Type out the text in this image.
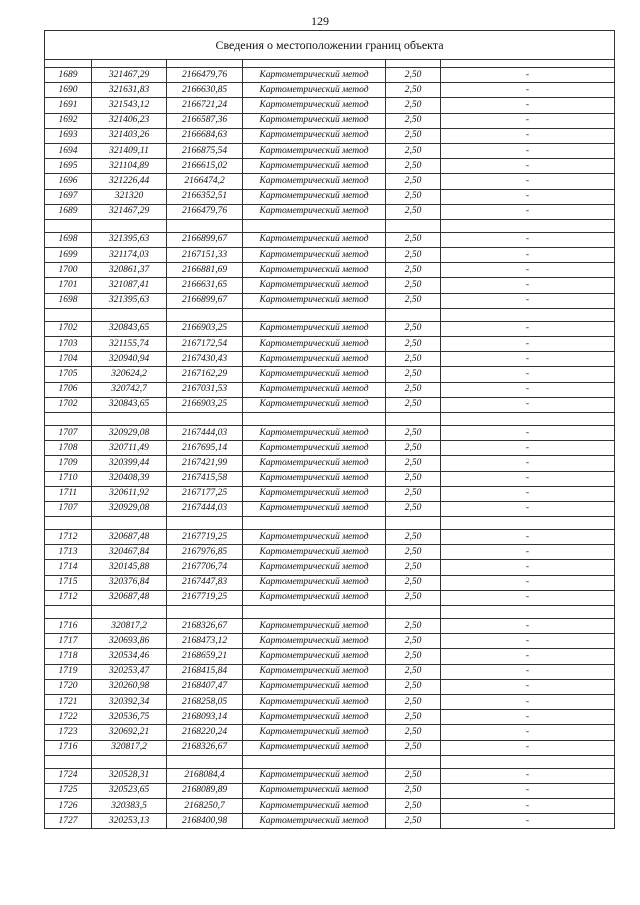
129
Сведения о местоположении границ объекта					

1689	321467,29	2166479,76	Картометрический метод	2,50	-
1690	321631,83	2166630,85	Картометрический метод	2,50	-
1691	321543,12	2166721,24	Картометрический метод	2,50	-
1692	321406,23	2166587,36	Картометрический метод	2,50	-
1693	321403,26	2166684,63	Картометрический метод	2,50	-
1694	321409,11	2166875,54	Картометрический метод	2,50	-
1695	321104,89	2166615,02	Картометрический метод	2,50	-
1696	321226,44	2166474,2	Картометрический метод	2,50	-
1697	321320	2166352,51	Картометрический метод	2,50	-
1689	321467,29	2166479,76	Картометрический метод	2,50	-

1698	321395,63	2166899,67	Картометрический метод	2,50	-
1699	321174,03	2167151,33	Картометрический метод	2,50	-
1700	320861,37	2166881,69	Картометрический метод	2,50	-
1701	321087,41	2166631,65	Картометрический метод	2,50	-
1698	321395,63	2166899,67	Картометрический метод	2,50	-

1702	320843,65	2166903,25	Картометрический метод	2,50	-
1703	321155,74	2167172,54	Картометрический метод	2,50	-
1704	320940,94	2167430,43	Картометрический метод	2,50	-
1705	320624,2	2167162,29	Картометрический метод	2,50	-
1706	320742,7	2167031,53	Картометрический метод	2,50	-
1702	320843,65	2166903,25	Картометрический метод	2,50	-

1707	320929,08	2167444,03	Картометрический метод	2,50	-
1708	320711,49	2167695,14	Картометрический метод	2,50	-
1709	320399,44	2167421,99	Картометрический метод	2,50	-
1710	320408,39	2167415,58	Картометрический метод	2,50	-
1711	320611,92	2167177,25	Картометрический метод	2,50	-
1707	320929,08	2167444,03	Картометрический метод	2,50	-

1712	320687,48	2167719,25	Картометрический метод	2,50	-
1713	320467,84	2167976,85	Картометрический метод	2,50	-
1714	320145,88	2167706,74	Картометрический метод	2,50	-
1715	320376,84	2167447,83	Картометрический метод	2,50	-
1712	320687,48	2167719,25	Картометрический метод	2,50	-

1716	320817,2	2168326,67	Картометрический метод	2,50	-
1717	320693,86	2168473,12	Картометрический метод	2,50	-
1718	320534,46	2168659,21	Картометрический метод	2,50	-
1719	320253,47	2168415,84	Картометрический метод	2,50	-
1720	320260,98	2168407,47	Картометрический метод	2,50	-
1721	320392,34	2168258,05	Картометрический метод	2,50	-
1722	320536,75	2168093,14	Картометрический метод	2,50	-
1723	320692,21	2168220,24	Картометрический метод	2,50	-
1716	320817,2	2168326,67	Картометрический метод	2,50	-

1724	320528,31	2168084,4	Картометрический метод	2,50	-
1725	320523,65	2168089,89	Картометрический метод	2,50	-
1726	320383,5	2168250,7	Картометрический метод	2,50	-
1727	320253,13	2168400,98	Картометрический метод	2,50	-
